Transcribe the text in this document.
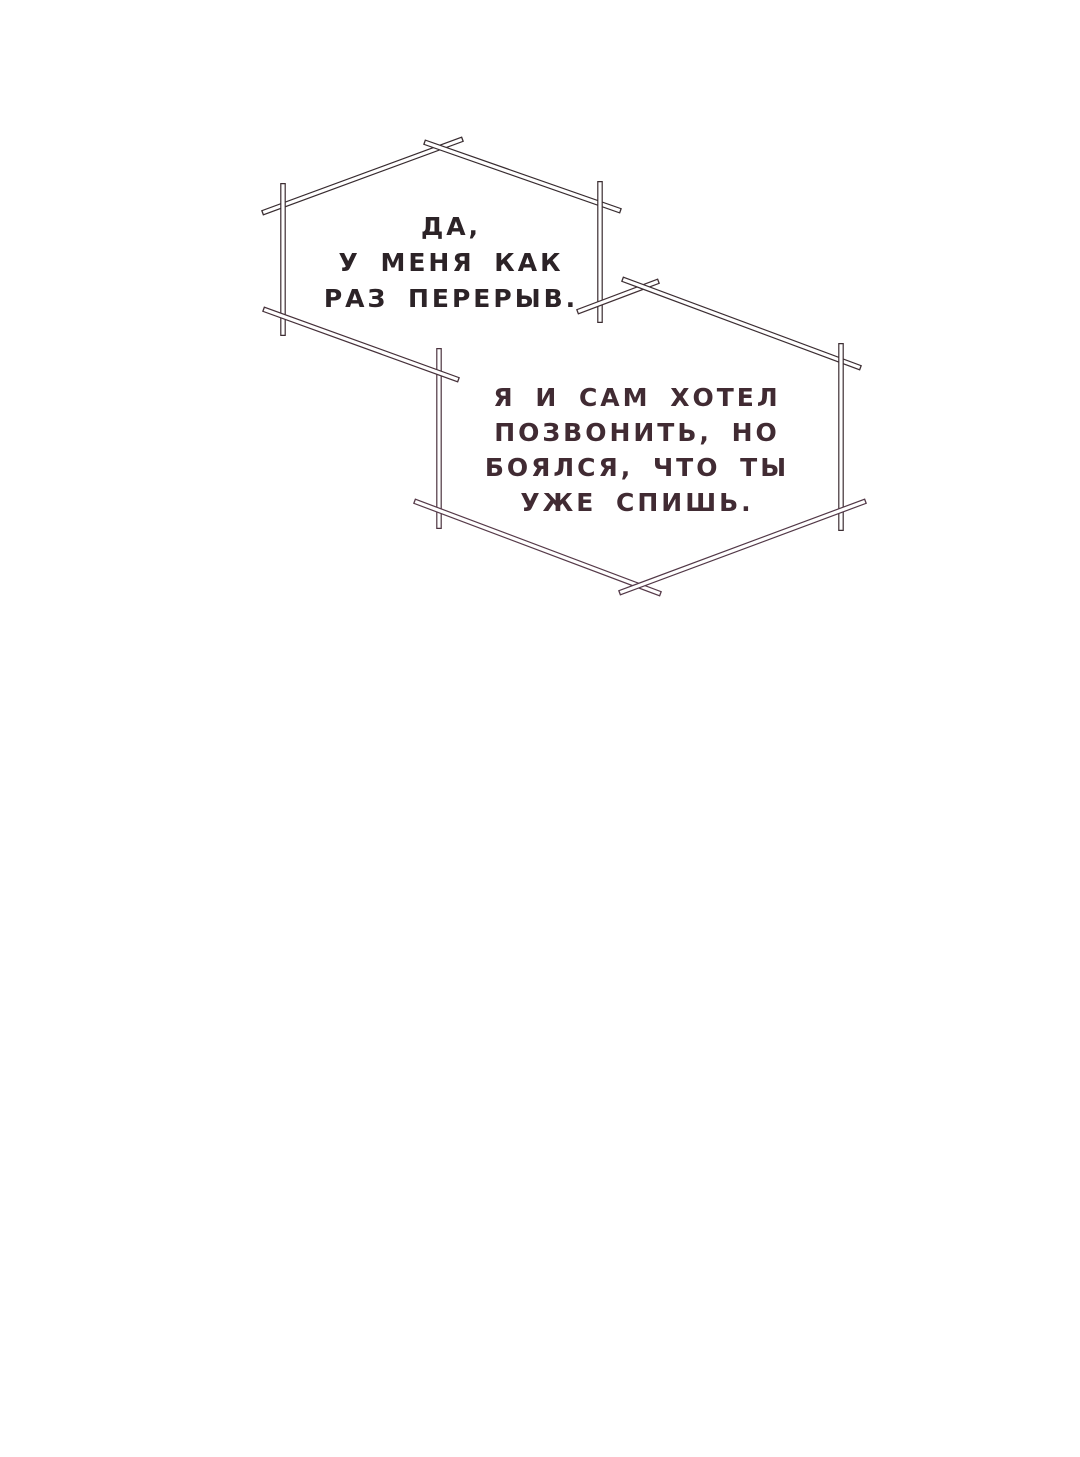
ДА,
У МЕНЯ КАК
РАЗ ПЕРЕРЫВ.
Я И САМ ХОТЕЛ
ПОЗВОНИТЬ, НО
БОЯЛСЯ, ЧТО ТЫ
УЖЕ СПИШЬ.
